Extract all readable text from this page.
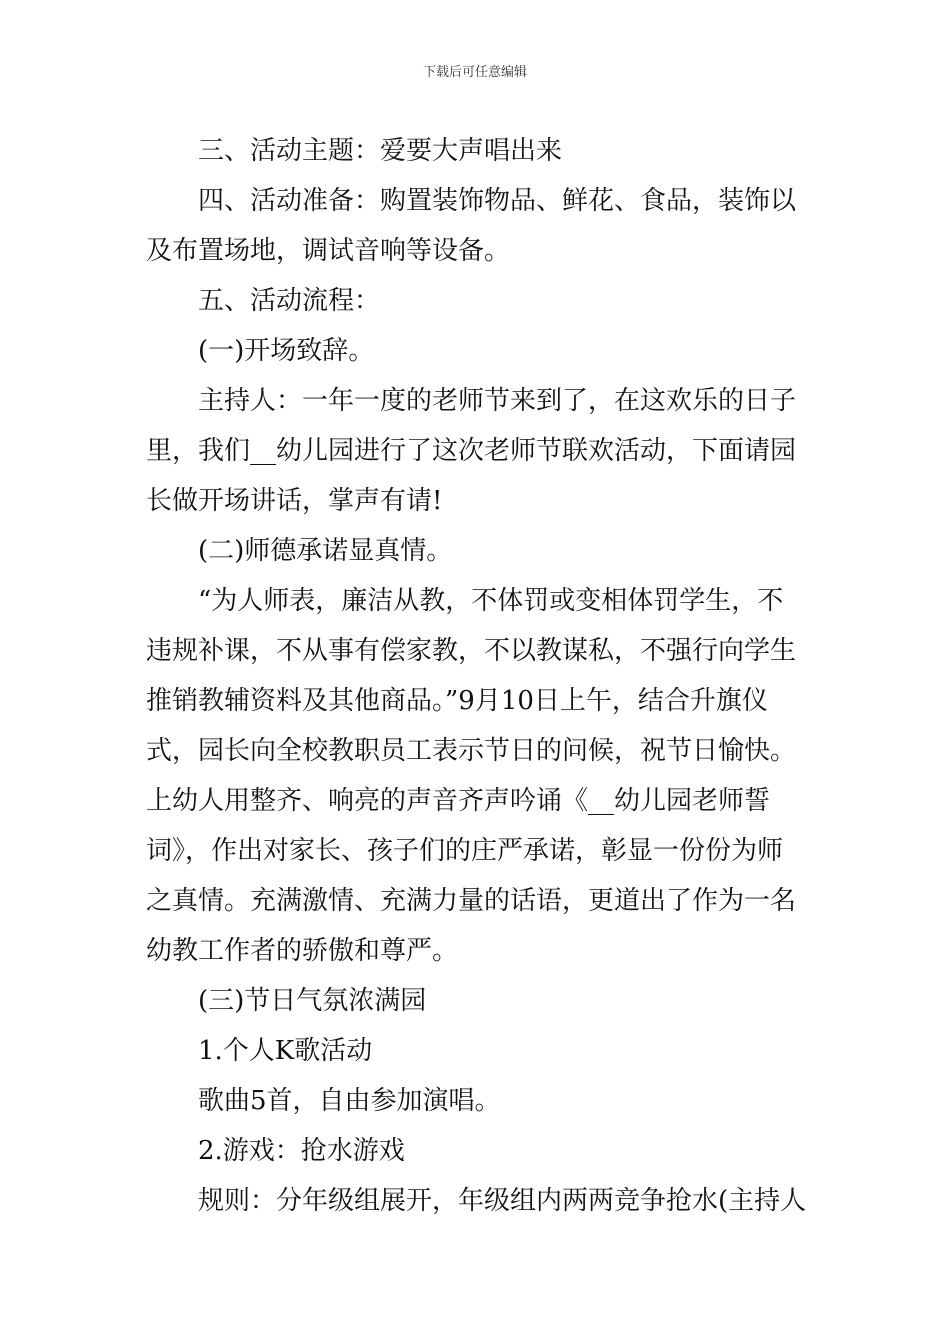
下载后可任意编辑
三、活动主题：爱要大声唱出来
四、活动准备：购置装饰物品、鲜花、食品，装饰以
及布置场地，调试音响等设备。
五、活动流程：
(一)开场致辞。
主持人：一年一度的老师节来到了，在这欢乐的日子
里，我们__幼儿园进行了这次老师节联欢活动，下面请园
长做开场讲话，掌声有请!
(二)师德承诺显真情。
“为人师表，廉洁从教，不体罚或变相体罚学生，不
违规补课，不从事有偿家教，不以教谋私，不强行向学生
推销教辅资料及其他商品。”9月10日上午，结合升旗仪
式，园长向全校教职员工表示节日的问候，祝节日愉快。
上幼人用整齐、响亮的声音齐声吟诵《__幼儿园老师誓
词》，作出对家长、孩子们的庄严承诺，彰显一份份为师
之真情。充满激情、充满力量的话语，更道出了作为一名
幼教工作者的骄傲和尊严。
(三)节日气氛浓满园
1.个人K歌活动
歌曲5首，自由参加演唱。
2.游戏：抢水游戏
规则：分年级组展开，年级组内两两竞争抢水(主持人
